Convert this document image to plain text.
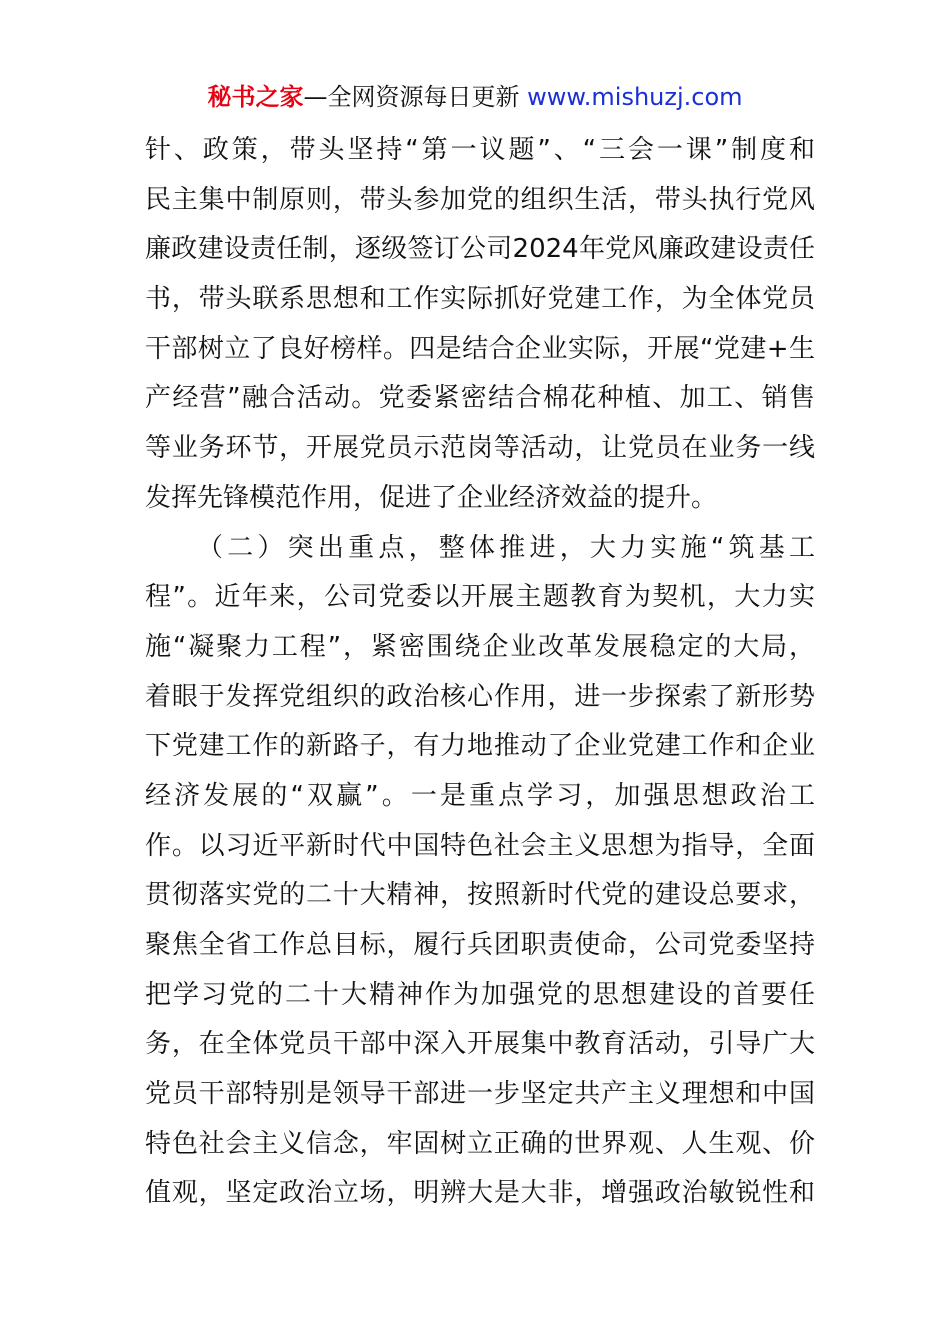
秘书之家—全网资源每日更新 www.mishuzj.com
针、政策，带头坚持“第一议题”、“三会一课”制度和
民主集中制原则，带头参加党的组织生活，带头执行党风
廉政建设责任制，逐级签订公司2024年党风廉政建设责任
书，带头联系思想和工作实际抓好党建工作，为全体党员
干部树立了良好榜样。四是结合企业实际，开展“党建+生
产经营”融合活动。党委紧密结合棉花种植、加工、销售
等业务环节，开展党员示范岗等活动，让党员在业务一线
发挥先锋模范作用，促进了企业经济效益的提升。
（二）突出重点，整体推进，大力实施“筑基工
程”。近年来，公司党委以开展主题教育为契机，大力实
施“凝聚力工程”，紧密围绕企业改革发展稳定的大局，
着眼于发挥党组织的政治核心作用，进一步探索了新形势
下党建工作的新路子，有力地推动了企业党建工作和企业
经济发展的“双赢”。一是重点学习，加强思想政治工
作。以习近平新时代中国特色社会主义思想为指导，全面
贯彻落实党的二十大精神，按照新时代党的建设总要求，
聚焦全省工作总目标，履行兵团职责使命，公司党委坚持
把学习党的二十大精神作为加强党的思想建设的首要任
务，在全体党员干部中深入开展集中教育活动，引导广大
党员干部特别是领导干部进一步坚定共产主义理想和中国
特色社会主义信念，牢固树立正确的世界观、人生观、价
值观，坚定政治立场，明辨大是大非，增强政治敏锐性和
